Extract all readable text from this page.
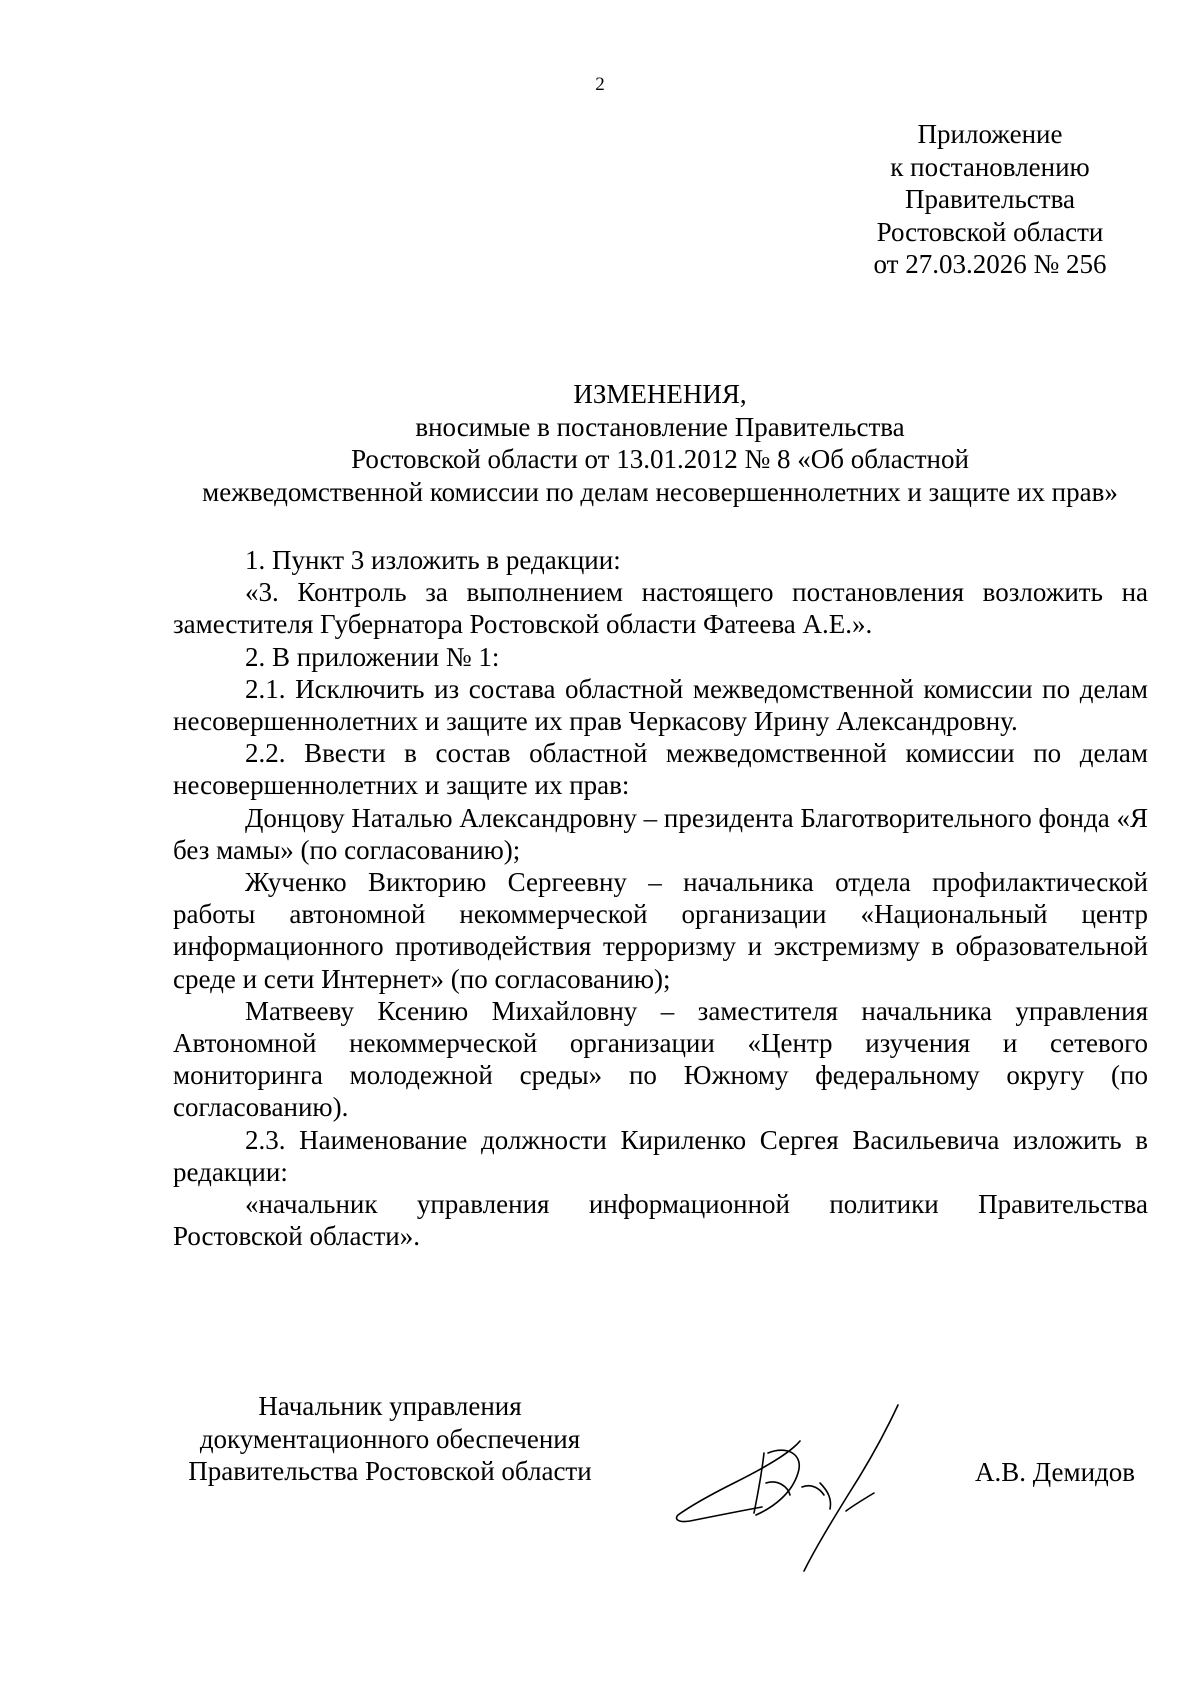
2
Приложение
к постановлению
Правительства
Ростовской области
от 27.03.2026 № 256
ИЗМЕНЕНИЯ,
вносимые в постановление Правительства
Ростовской области от 13.01.2012 № 8 «Об областной
межведомственной комиссии по делам несовершеннолетних и защите их прав»

1. Пункт 3 изложить в редакции:

«3. Контроль за выполнением настоящего постановления возложить на заместителя Губернатора Ростовской области Фатеева А.Е.».

2. В приложении № 1:

2.1. Исключить из состава областной межведомственной комиссии по делам несовершеннолетних и защите их прав Черкасову Ирину Александровну.

2.2. Ввести в состав областной межведомственной комиссии по делам несовершеннолетних и защите их прав:

Донцову Наталью Александровну – президента Благотворительного фонда «Я без мамы» (по согласованию);

Жученко Викторию Сергеевну – начальника отдела профилактической работы автономной некоммерческой организации «Национальный центр информационного противодействия терроризму и экстремизму в образовательной среде и сети Интернет» (по согласованию);

Матвееву Ксению Михайловну – заместителя начальника управления Автономной некоммерческой организации «Центр изучения и сетевого мониторинга молодежной среды» по Южному федеральному округу (по согласованию).

2.3. Наименование должности Кириленко Сергея Васильевича изложить в редакции:

«начальник управления информационной политики Правительства Ростовской области».

Начальник управления
документационного обеспечения
Правительства Ростовской области	А.В. Демидов
